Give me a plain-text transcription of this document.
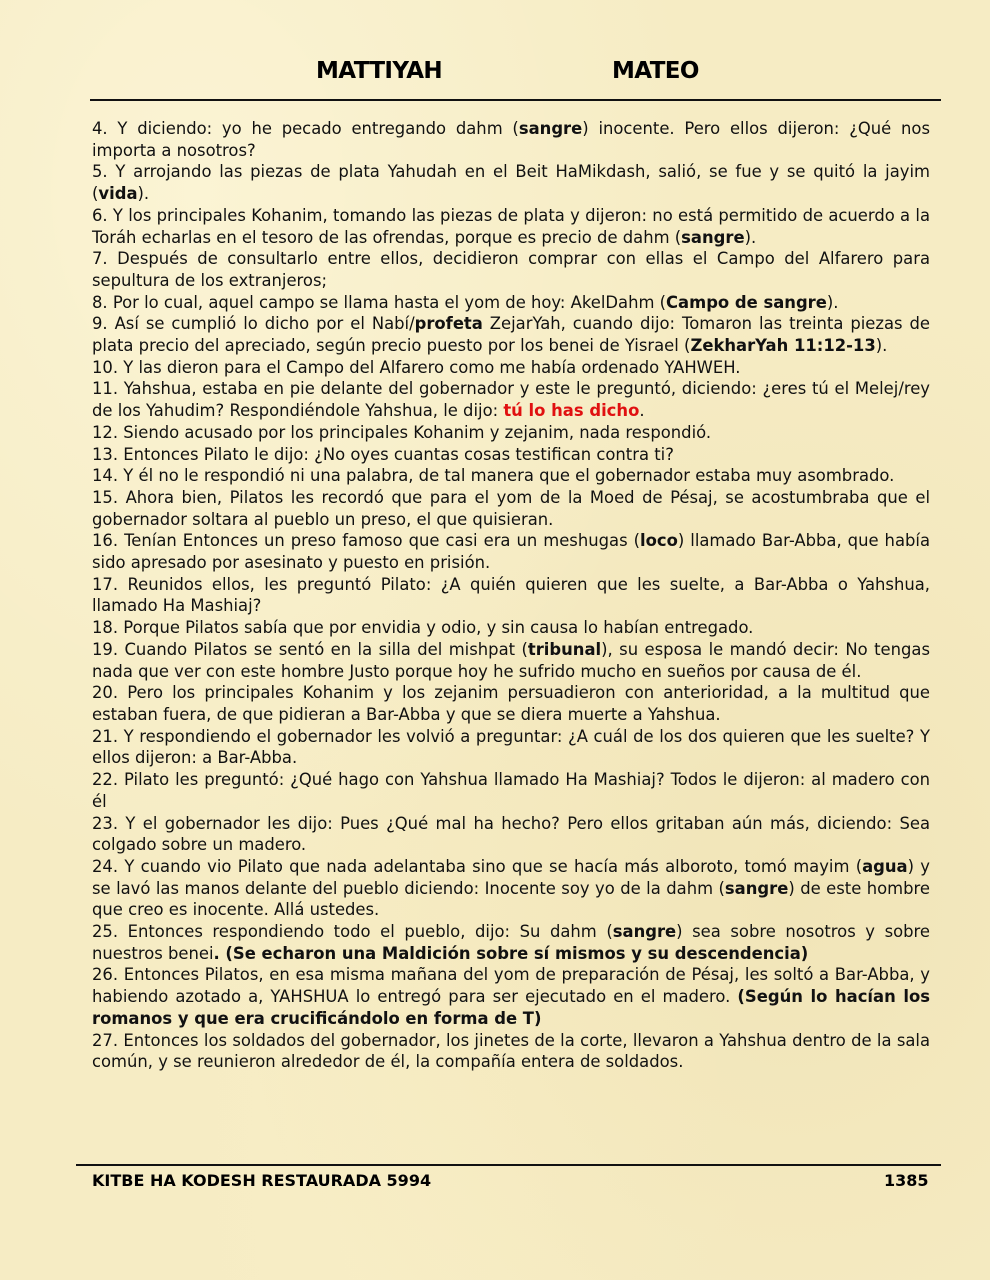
MATTIYAH	MATEO

4. Y diciendo: yo he pecado entregando dahm (sangre) inocente. Pero ellos dijeron: ¿Qué nos importa a nosotros?

5. Y arrojando las piezas de plata Yahudah en el Beit HaMikdash, salió, se fue y se quitó la jayim (vida).

6. Y los principales Kohanim, tomando las piezas de plata y dijeron: no está permitido de acuerdo a la Toráh echarlas en el tesoro de las ofrendas, porque es precio de dahm (sangre).

7. Después de consultarlo entre ellos, decidieron comprar con ellas el Campo del Alfarero para sepultura de los extranjeros;

8. Por lo cual, aquel campo se llama hasta el yom de hoy: AkelDahm (Campo de sangre).

9. Así se cumplió lo dicho por el Nabí/profeta ZejarYah, cuando dijo: Tomaron las treinta piezas de plata precio del apreciado, según precio puesto por los benei de Yisrael (ZekharYah 11:12-13).

10. Y las dieron para el Campo del Alfarero como me había ordenado YAHWEH.

11. Yahshua, estaba en pie delante del gobernador y este le preguntó, diciendo: ¿eres tú el Melej/rey de los Yahudim? Respondiéndole Yahshua, le dijo: tú lo has dicho.

12. Siendo acusado por los principales Kohanim y zejanim, nada respondió.

13. Entonces Pilato le dijo: ¿No oyes cuantas cosas testifican contra ti?

14. Y él no le respondió ni una palabra, de tal manera que el gobernador estaba muy asombrado.

15. Ahora bien, Pilatos les recordó que para el yom de la Moed de Pésaj, se acostumbraba que el gobernador soltara al pueblo un preso, el que quisieran.

16. Tenían Entonces un preso famoso que casi era un meshugas (loco) llamado Bar-Abba, que había sido apresado por asesinato y puesto en prisión.

17. Reunidos ellos, les preguntó Pilato: ¿A quién quieren que les suelte, a Bar-Abba o Yahshua, llamado Ha Mashiaj?

18. Porque Pilatos sabía que por envidia y odio, y sin causa lo habían entregado.

19. Cuando Pilatos se sentó en la silla del mishpat (tribunal), su esposa le mandó decir: No tengas nada que ver con este hombre Justo porque hoy he sufrido mucho en sueños por causa de él.

20. Pero los principales Kohanim y los zejanim persuadieron con anterioridad, a la multitud que estaban fuera, de que pidieran a Bar-Abba y que se diera muerte a Yahshua.

21. Y respondiendo el gobernador les volvió a preguntar: ¿A cuál de los dos quieren que les suelte? Y ellos dijeron: a Bar-Abba.

22. Pilato les preguntó: ¿Qué hago con Yahshua llamado Ha Mashiaj? Todos le dijeron: al madero con él

23. Y el gobernador les dijo: Pues ¿Qué mal ha hecho? Pero ellos gritaban aún más, diciendo: Sea colgado sobre un madero.

24. Y cuando vio Pilato que nada adelantaba sino que se hacía más alboroto, tomó mayim (agua) y se lavó las manos delante del pueblo diciendo: Inocente soy yo de la dahm (sangre) de este hombre que creo es inocente. Allá ustedes.

25. Entonces respondiendo todo el pueblo, dijo: Su dahm (sangre) sea sobre nosotros y sobre nuestros benei. (Se echaron una Maldición sobre sí mismos y su descendencia)

26. Entonces Pilatos, en esa misma mañana del yom de preparación de Pésaj, les soltó a Bar-Abba, y habiendo azotado a, YAHSHUA lo entregó para ser ejecutado en el madero. (Según lo hacían los romanos y que era crucificándolo en forma de T)

27. Entonces los soldados del gobernador, los jinetes de la corte, llevaron a Yahshua dentro de la sala común, y se reunieron alrededor de él, la compañía entera de soldados.

KITBE HA KODESH RESTAURADA 5994	1385
